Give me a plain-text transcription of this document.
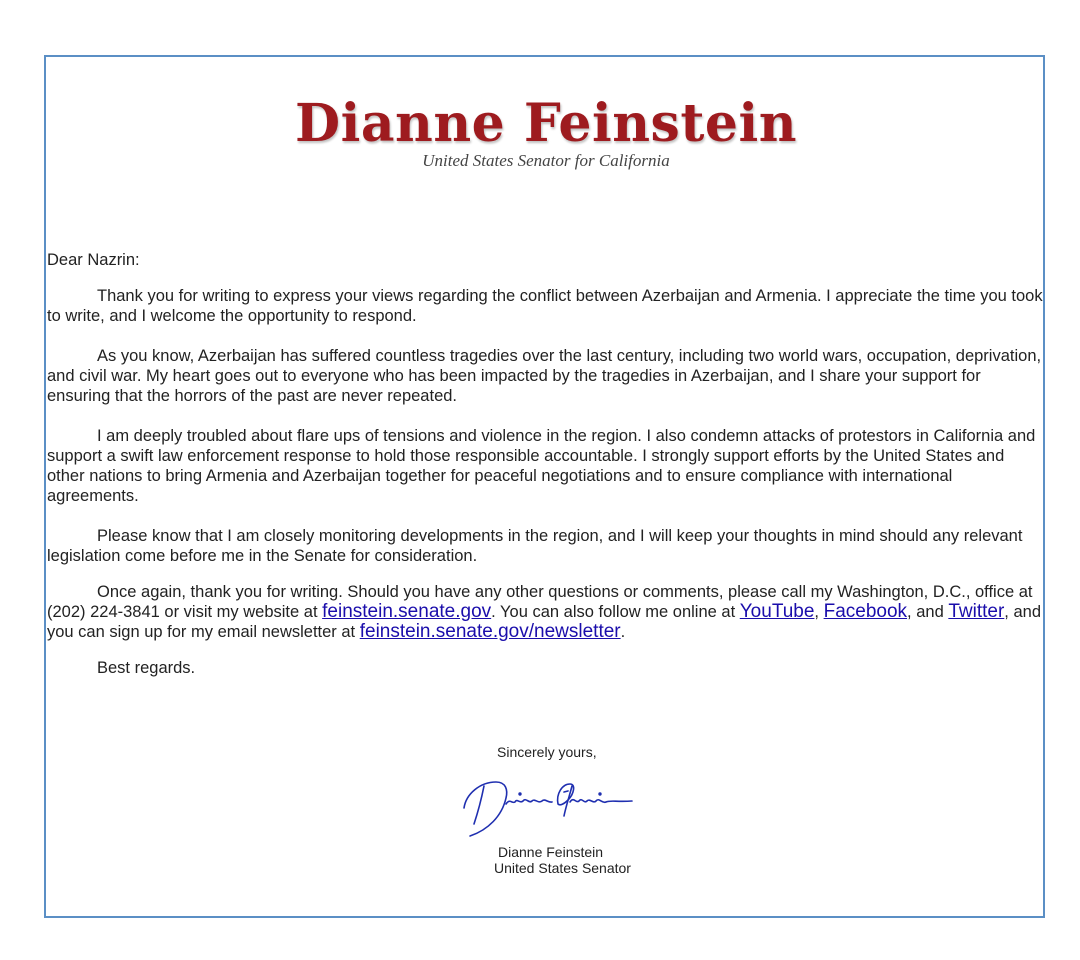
Dianne Feinstein
United States Senator for California

Dear Nazrin:

Thank you for writing to express your views regarding the conflict between Azerbaijan and Armenia. I appreciate the time you took to write, and I welcome the opportunity to respond.

As you know, Azerbaijan has suffered countless tragedies over the last century, including two world wars, occupation, deprivation, and civil war. My heart goes out to everyone who has been impacted by the tragedies in Azerbaijan, and I share your support for ensuring that the horrors of the past are never repeated.

I am deeply troubled about flare ups of tensions and violence in the region. I also condemn attacks of protestors in California and support a swift law enforcement response to hold those responsible accountable. I strongly support efforts by the United States and other nations to bring Armenia and Azerbaijan together for peaceful negotiations and to ensure compliance with international agreements.

Please know that I am closely monitoring developments in the region, and I will keep your thoughts in mind should any relevant legislation come before me in the Senate for consideration.

Once again, thank you for writing. Should you have any other questions or comments, please call my Washington, D.C., office at (202) 224-3841 or visit my website at feinstein.senate.gov. You can also follow me online at YouTube, Facebook, and Twitter, and you can sign up for my email newsletter at feinstein.senate.gov/newsletter.

Best regards.

Sincerely yours,
Dianne Feinstein
United States Senator
